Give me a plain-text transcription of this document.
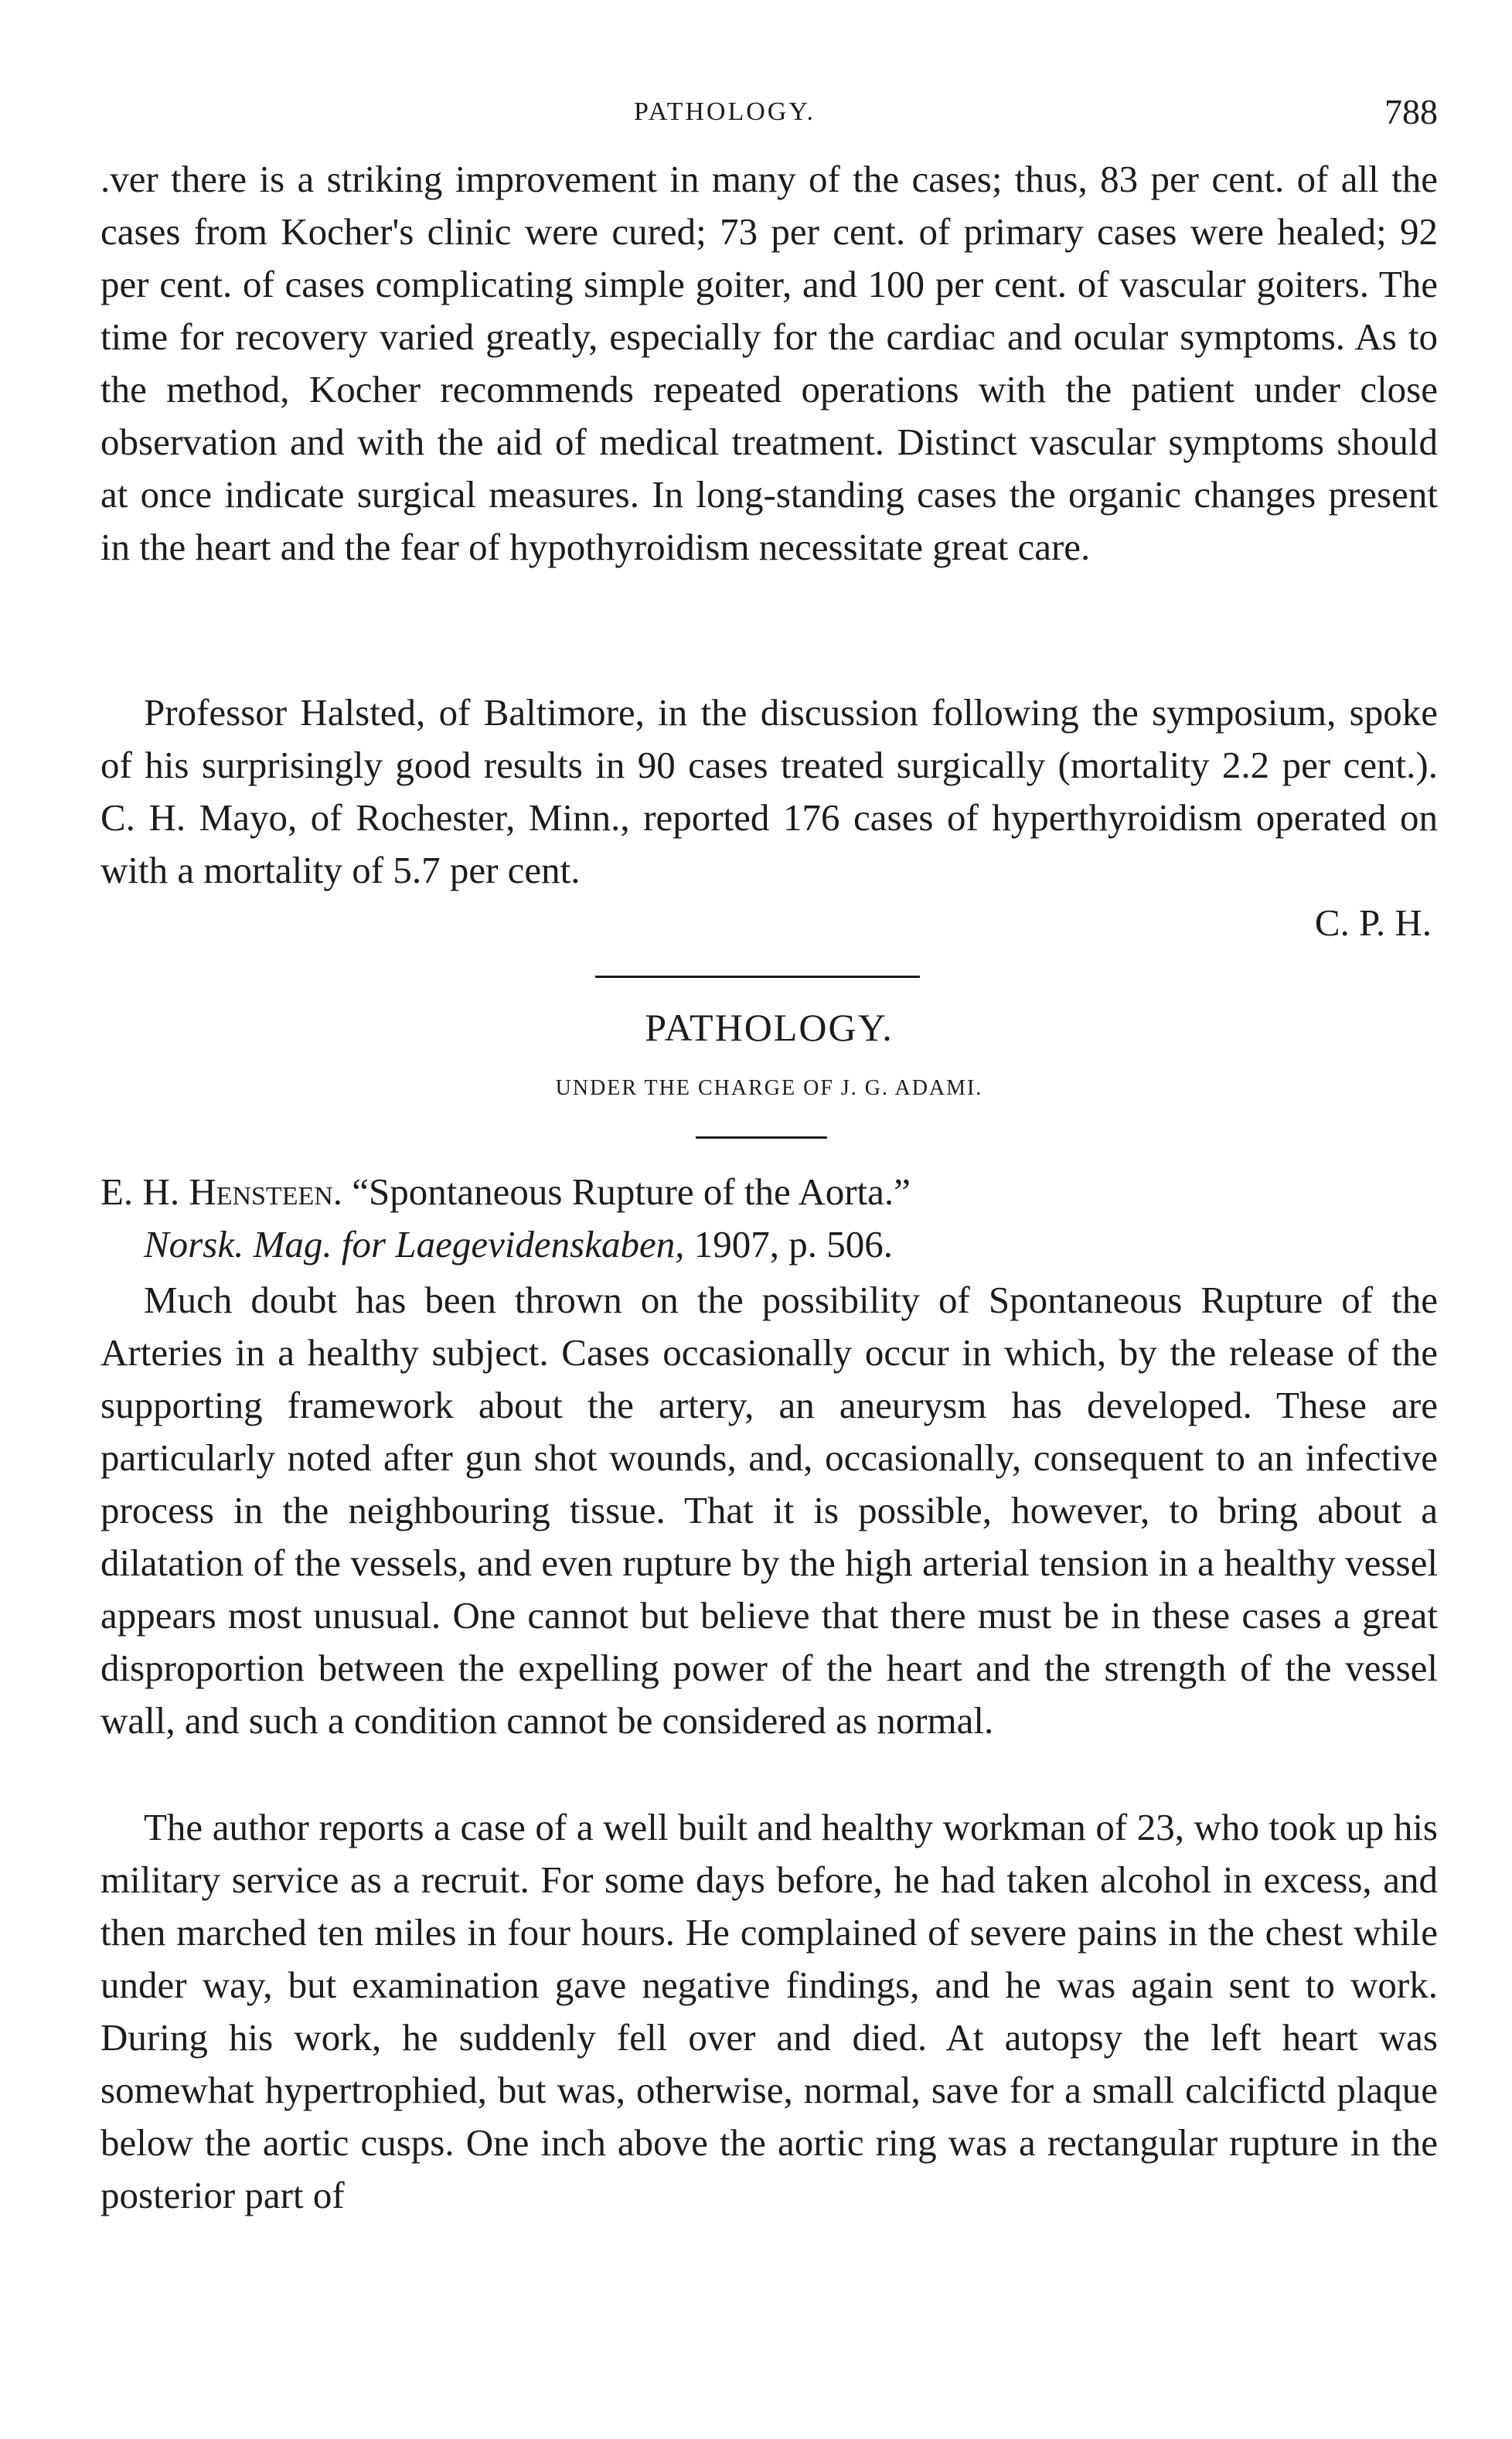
PATHOLOGY.	788

.ver there is a striking improvement in many of the cases; thus, 83 per cent. of all the cases from Kocher's clinic were cured; 73 per cent. of primary cases were healed; 92 per cent. of cases complicating simple goiter, and 100 per cent. of vascular goiters. The time for recovery varied greatly, especially for the cardiac and ocular symptoms. As to the method, Kocher recommends repeated operations with the patient under close observation and with the aid of medical treatment. Distinct vascular symptoms should at once indicate surgical measures. In long-standing cases the organic changes present in the heart and the fear of hypothyroidism necessitate great care.

Professor Halsted, of Baltimore, in the discussion following the symposium, spoke of his surprisingly good results in 90 cases treated surgically (mortality 2.2 per cent.). C. H. Mayo, of Rochester, Minn., reported 176 cases of hyperthyroidism operated on with a mortality of 5.7 per cent.

C. P. H.

PATHOLOGY.
UNDER THE CHARGE OF J. G. ADAMI.
E. H. Hensteen. “Spontaneous Rupture of the Aorta.”
Norsk. Mag. for Laegevidenskaben, 1907, p. 506.

Much doubt has been thrown on the possibility of Spontaneous Rupture of the Arteries in a healthy subject. Cases occasionally occur in which, by the release of the supporting framework about the artery, an aneurysm has developed. These are particularly noted after gun shot wounds, and, occasionally, consequent to an infective process in the neighbouring tissue. That it is possible, however, to bring about a dilatation of the vessels, and even rupture by the high arterial tension in a healthy vessel appears most unusual. One cannot but believe that there must be in these cases a great disproportion between the expelling power of the heart and the strength of the vessel wall, and such a condition cannot be considered as normal.

The author reports a case of a well built and healthy workman of 23, who took up his military service as a recruit. For some days before, he had taken alcohol in excess, and then marched ten miles in four hours. He complained of severe pains in the chest while under way, but examination gave negative findings, and he was again sent to work. During his work, he suddenly fell over and died. At autopsy the left heart was somewhat hypertrophied, but was, otherwise, normal, save for a small calcifictd plaque below the aortic cusps. One inch above the aortic ring was a rectangular rupture in the posterior part of
